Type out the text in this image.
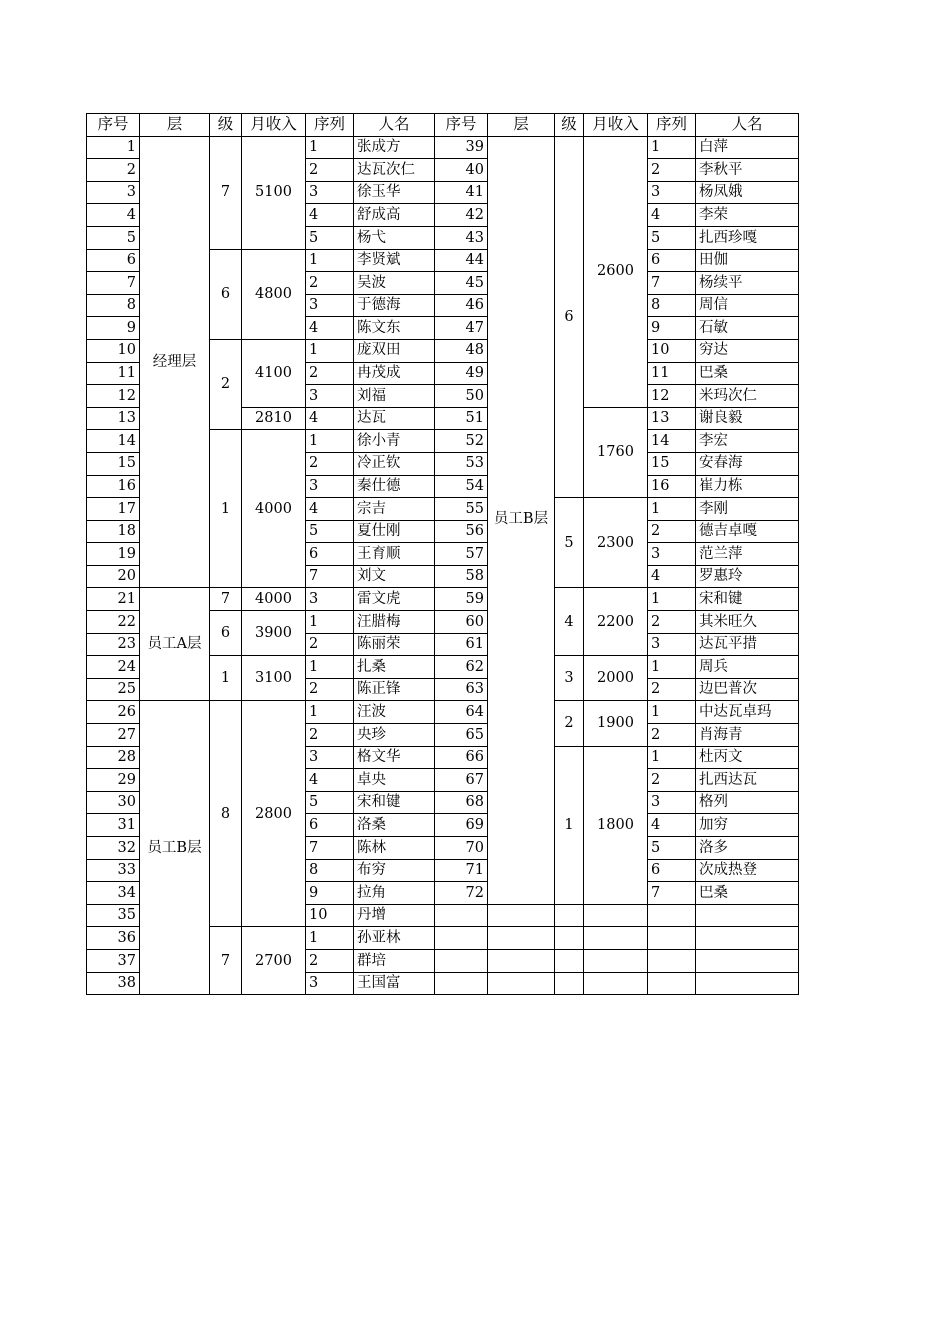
序号	层	级	月收入	序列	人名	序号	层	级	月收入	序列	人名
1	经理层	7	5100	1	张成方	39	员工B层	6	2600	1	白萍
2				2	达瓦次仁	40				2	李秋平
3				3	徐玉华	41				3	杨凤娥
4				4	舒成高	42				4	李荣
5				5	杨弋	43				5	扎西珍嘎
6		6	4800	1	李贤斌	44				6	田伽
7				2	吴波	45				7	杨续平
8				3	于德海	46				8	周信
9				4	陈文东	47				9	石敏
10		2	4100	1	庞双田	48				10	穷达
11				2	冉茂成	49				11	巴桑
12				3	刘福	50				12	米玛次仁
13			2810	4	达瓦	51			1760	13	谢良毅
14		1	4000	1	徐小青	52				14	李宏
15				2	冷正钦	53				15	安春海
16				3	秦仕德	54				16	崔力栋
17				4	宗吉	55		5	2300	1	李刚
18				5	夏仕刚	56				2	德吉卓嘎
19				6	王育顺	57				3	范兰萍
20				7	刘文	58				4	罗惠玲
21	员工A层	7	4000	3	雷文虎	59		4	2200	1	宋和键
22		6	3900	1	汪腊梅	60				2	其米旺久
23				2	陈丽荣	61				3	达瓦平措
24		1	3100	1	扎桑	62		3	2000	1	周兵
25				2	陈正锋	63				2	边巴普次
26	员工B层	8	2800	1	汪波	64		2	1900	1	中达瓦卓玛
27				2	央珍	65				2	肖海青
28				3	格文华	66		1	1800	1	杜丙文
29				4	卓央	67				2	扎西达瓦
30				5	宋和键	68				3	格列
31				6	洛桑	69				4	加穷
32				7	陈林	70				5	洛多
33				8	布穷	71				6	次成热登
34				9	拉角	72				7	巴桑
35				10	丹增						
36		7	2700	1	孙亚林						
37				2	群培						
38				3	王国富						
